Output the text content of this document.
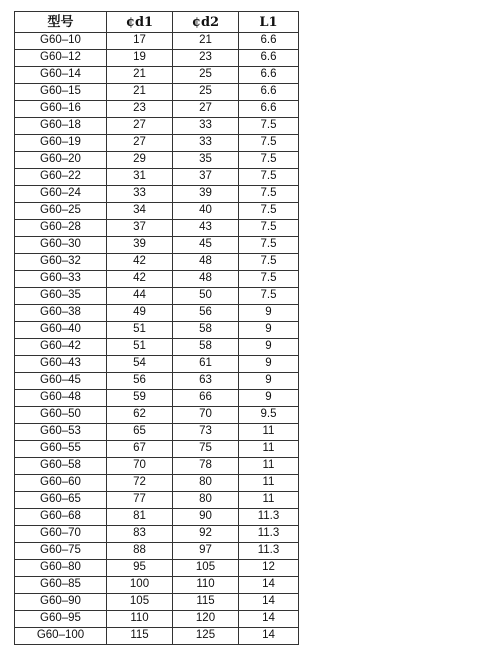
型号	¢d1	¢d2	L1
G60–10	17	21	6.6
G60–12	19	23	6.6
G60–14	21	25	6.6
G60–15	21	25	6.6
G60–16	23	27	6.6
G60–18	27	33	7.5
G60–19	27	33	7.5
G60–20	29	35	7.5
G60–22	31	37	7.5
G60–24	33	39	7.5
G60–25	34	40	7.5
G60–28	37	43	7.5
G60–30	39	45	7.5
G60–32	42	48	7.5
G60–33	42	48	7.5
G60–35	44	50	7.5
G60–38	49	56	9
G60–40	51	58	9
G60–42	51	58	9
G60–43	54	61	9
G60–45	56	63	9
G60–48	59	66	9
G60–50	62	70	9.5
G60–53	65	73	11
G60–55	67	75	11
G60–58	70	78	11
G60–60	72	80	11
G60–65	77	80	11
G60–68	81	90	11.3
G60–70	83	92	11.3
G60–75	88	97	11.3
G60–80	95	105	12
G60–85	100	110	14
G60–90	105	115	14
G60–95	110	120	14
G60–100	115	125	14
